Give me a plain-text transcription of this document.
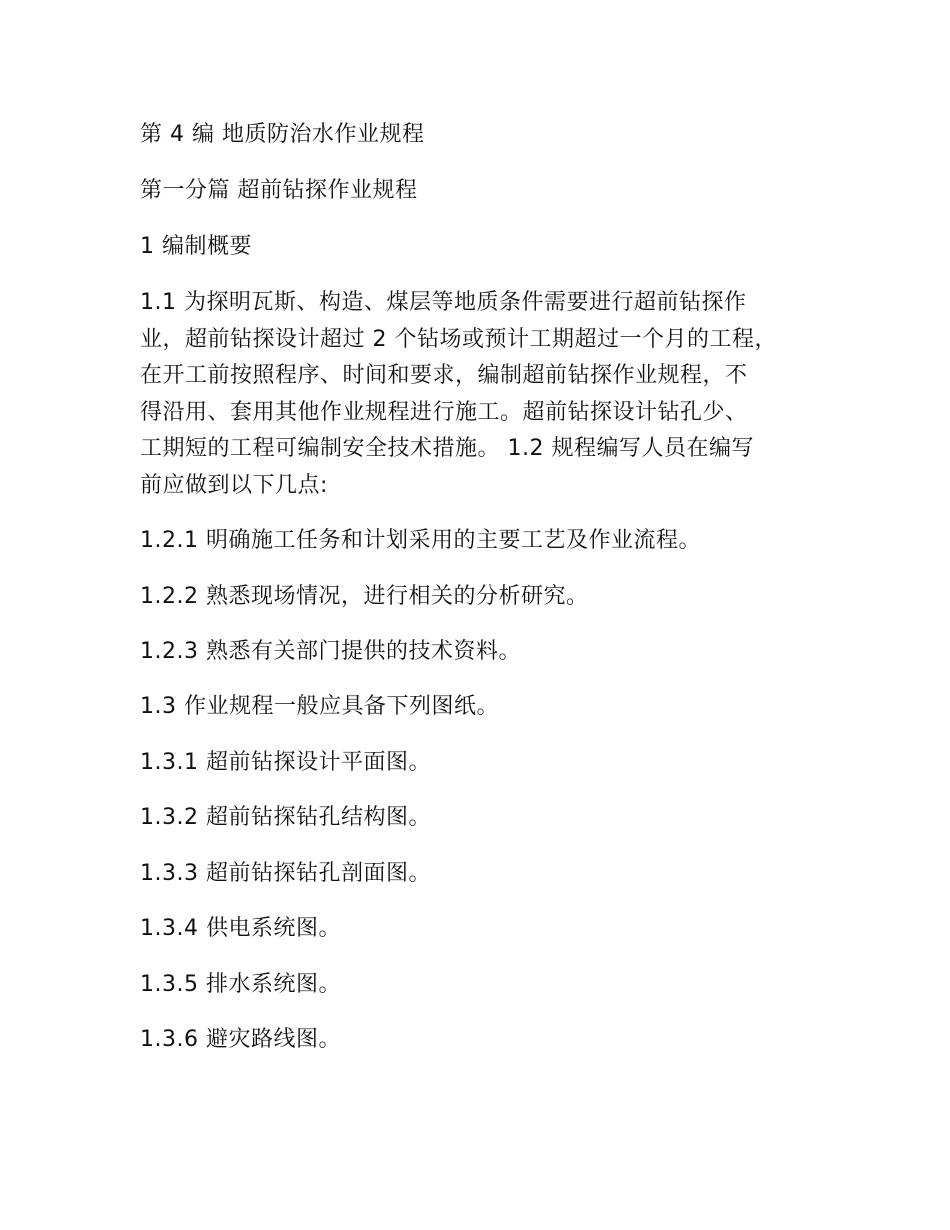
第 4 编 地质防治水作业规程
第一分篇 超前钻探作业规程
1 编制概要
1.1 为探明瓦斯、构造、煤层等地质条件需要进行超前钻探作
业，超前钻探设计超过 2 个钻场或预计工期超过一个月的工程，
在开工前按照程序、时间和要求，编制超前钻探作业规程，不
得沿用、套用其他作业规程进行施工。超前钻探设计钻孔少、
工期短的工程可编制安全技术措施。 1.2 规程编写人员在编写
前应做到以下几点:
1.2.1 明确施工任务和计划采用的主要工艺及作业流程。
1.2.2 熟悉现场情况，进行相关的分析研究。
1.2.3 熟悉有关部门提供的技术资料。
1.3 作业规程一般应具备下列图纸。
1.3.1 超前钻探设计平面图。
1.3.2 超前钻探钻孔结构图。
1.3.3 超前钻探钻孔剖面图。
1.3.4 供电系统图。
1.3.5 排水系统图。
1.3.6 避灾路线图。
